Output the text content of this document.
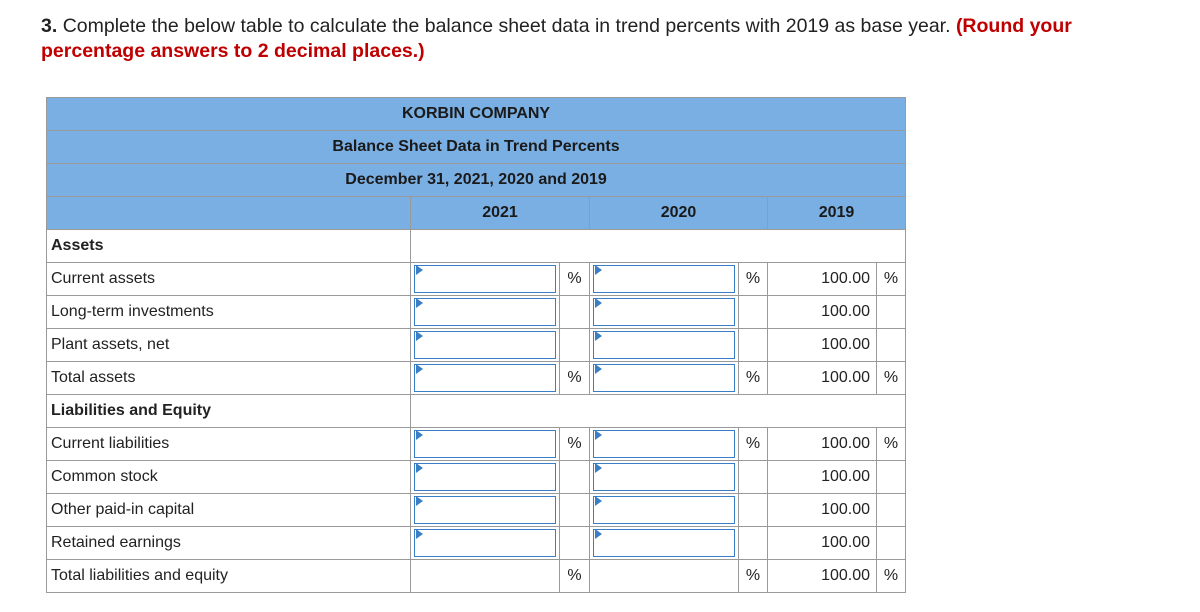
3. Complete the below table to calculate the balance sheet data in trend percents with 2019 as base year. (Round your percentage answers to 2 decimal places.)
KORBIN COMPANY						
Balance Sheet Data in Trend Percents						
December 31, 2021, 2020 and 2019						
	2021		2020		2019	
Assets						
Current assets		%		%	100.00	%
Long-term investments					100.00	
Plant assets, net					100.00	
Total assets		%		%	100.00	%
Liabilities and Equity						
Current liabilities		%		%	100.00	%
Common stock					100.00	
Other paid-in capital					100.00	
Retained earnings					100.00	
Total liabilities and equity		%		%	100.00	%
